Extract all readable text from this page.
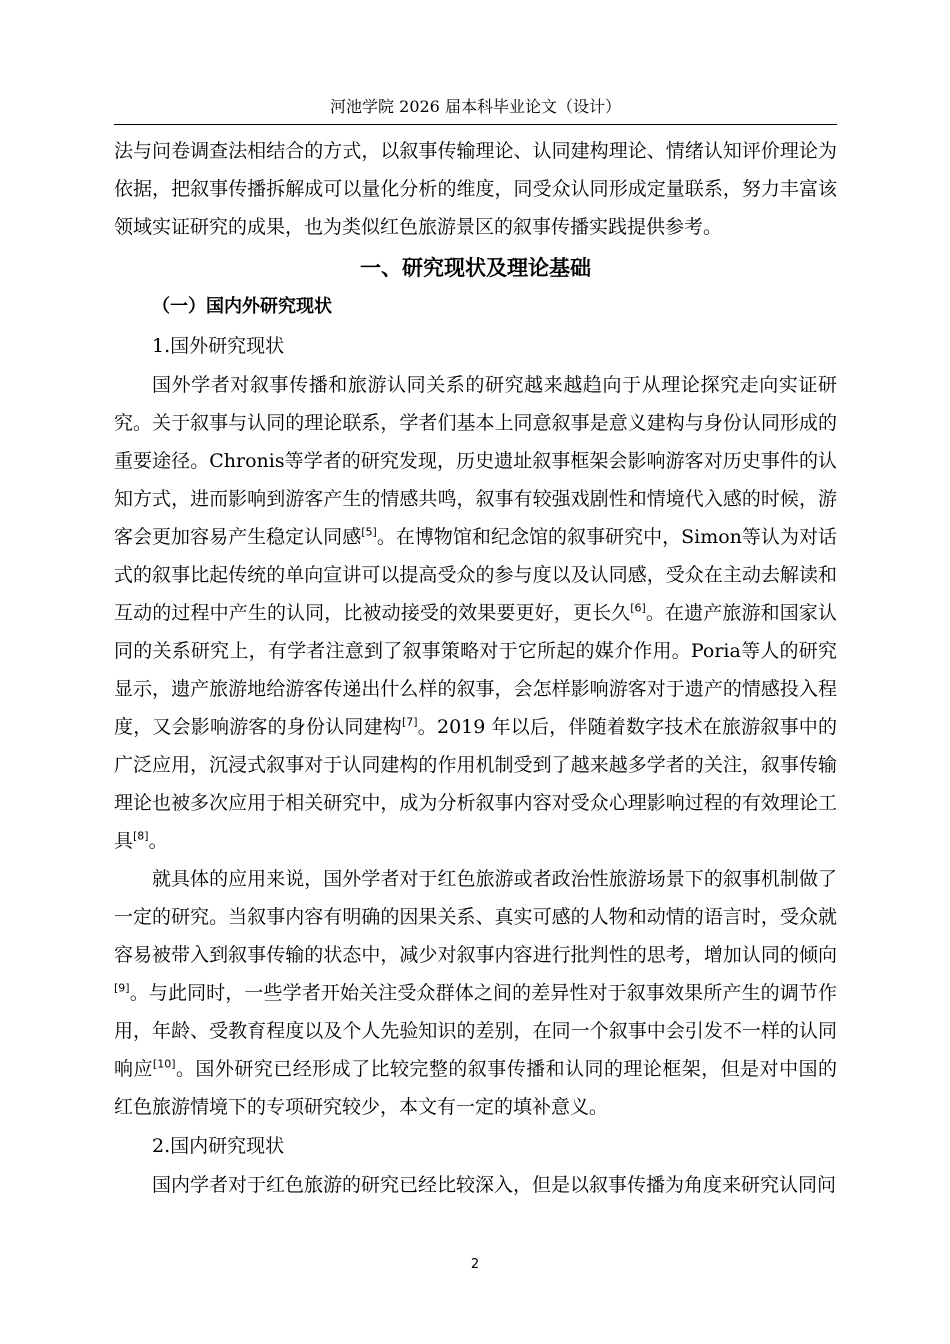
河池学院 2026 届本科毕业论文（设计）

法与问卷调查法相结合的方式，以叙事传输理论、认同建构理论、情绪认知评价理论为依据，把叙事传播拆解成可以量化分析的维度，同受众认同形成定量联系，努力丰富该领域实证研究的成果，也为类似红色旅游景区的叙事传播实践提供参考。

一、研究现状及理论基础
（一）国内外研究现状
1.国外研究现状

国外学者对叙事传播和旅游认同关系的研究越来越趋向于从理论探究走向实证研究。关于叙事与认同的理论联系，学者们基本上同意叙事是意义建构与身份认同形成的重要途径。Chronis等学者的研究发现，历史遗址叙事框架会影响游客对历史事件的认知方式，进而影响到游客产生的情感共鸣，叙事有较强戏剧性和情境代入感的时候，游客会更加容易产生稳定认同感[5]。在博物馆和纪念馆的叙事研究中，Simon等认为对话式的叙事比起传统的单向宣讲可以提高受众的参与度以及认同感，受众在主动去解读和互动的过程中产生的认同，比被动接受的效果要更好，更长久[6]。在遗产旅游和国家认同的关系研究上，有学者注意到了叙事策略对于它所起的媒介作用。Poria等人的研究显示，遗产旅游地给游客传递出什么样的叙事，会怎样影响游客对于遗产的情感投入程度，又会影响游客的身份认同建构[7]。2019 年以后，伴随着数字技术在旅游叙事中的广泛应用，沉浸式叙事对于认同建构的作用机制受到了越来越多学者的关注，叙事传输理论也被多次应用于相关研究中，成为分析叙事内容对受众心理影响过程的有效理论工具[8]。

就具体的应用来说，国外学者对于红色旅游或者政治性旅游场景下的叙事机制做了一定的研究。当叙事内容有明确的因果关系、真实可感的人物和动情的语言时，受众就容易被带入到叙事传输的状态中，减少对叙事内容进行批判性的思考，增加认同的倾向[9]。与此同时，一些学者开始关注受众群体之间的差异性对于叙事效果所产生的调节作用，年龄、受教育程度以及个人先验知识的差别，在同一个叙事中会引发不一样的认同响应[10]。国外研究已经形成了比较完整的叙事传播和认同的理论框架，但是对中国的红色旅游情境下的专项研究较少，本文有一定的填补意义。

2.国内研究现状

国内学者对于红色旅游的研究已经比较深入，但是以叙事传播为角度来研究认同问

2
